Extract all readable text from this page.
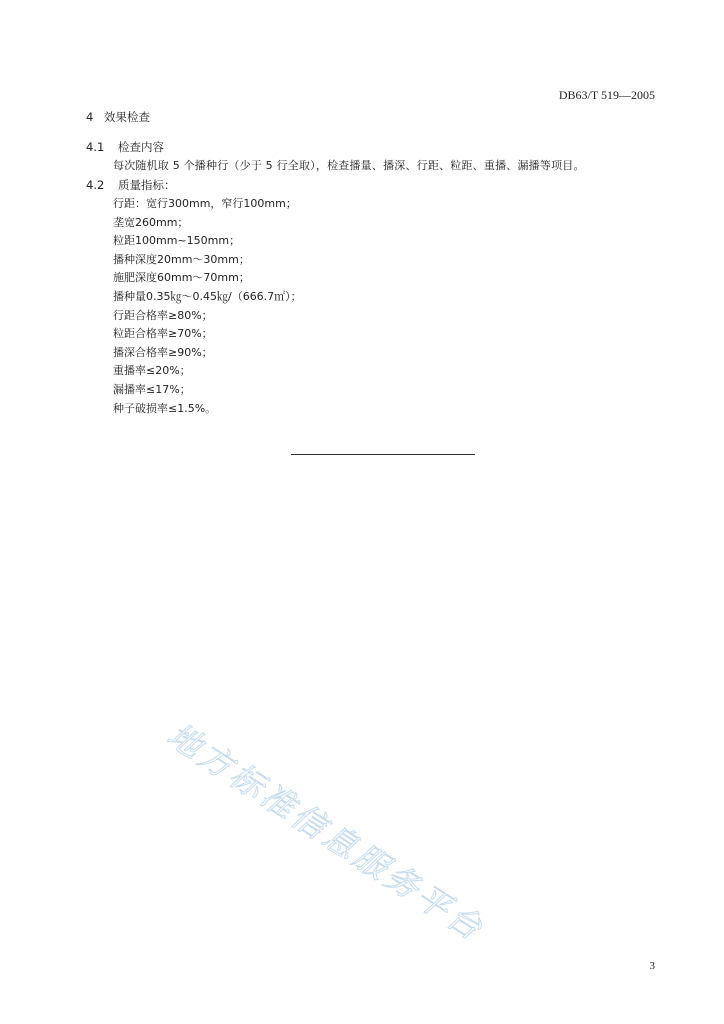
DB63/T 519—2005
4 效果检查
4.1 检查内容
每次随机取 5 个播种行（少于 5 行全取），检查播量、播深、行距、粒距、重播、漏播等项目。
4.2 质量指标：
行距：宽行300mm，窄行100mm；
垄宽260mm；
粒距100mm~150mm；
播种深度20mm～30mm；
施肥深度60mm～70mm；
播种量0.35㎏～0.45㎏/（666.7㎡）；
行距合格率≥80%；
粒距合格率≥70%；
播深合格率≥90%；
重播率≤20%；
漏播率≤17%；
种子破损率≤1.5%。
地方标准信息服务平台
3
